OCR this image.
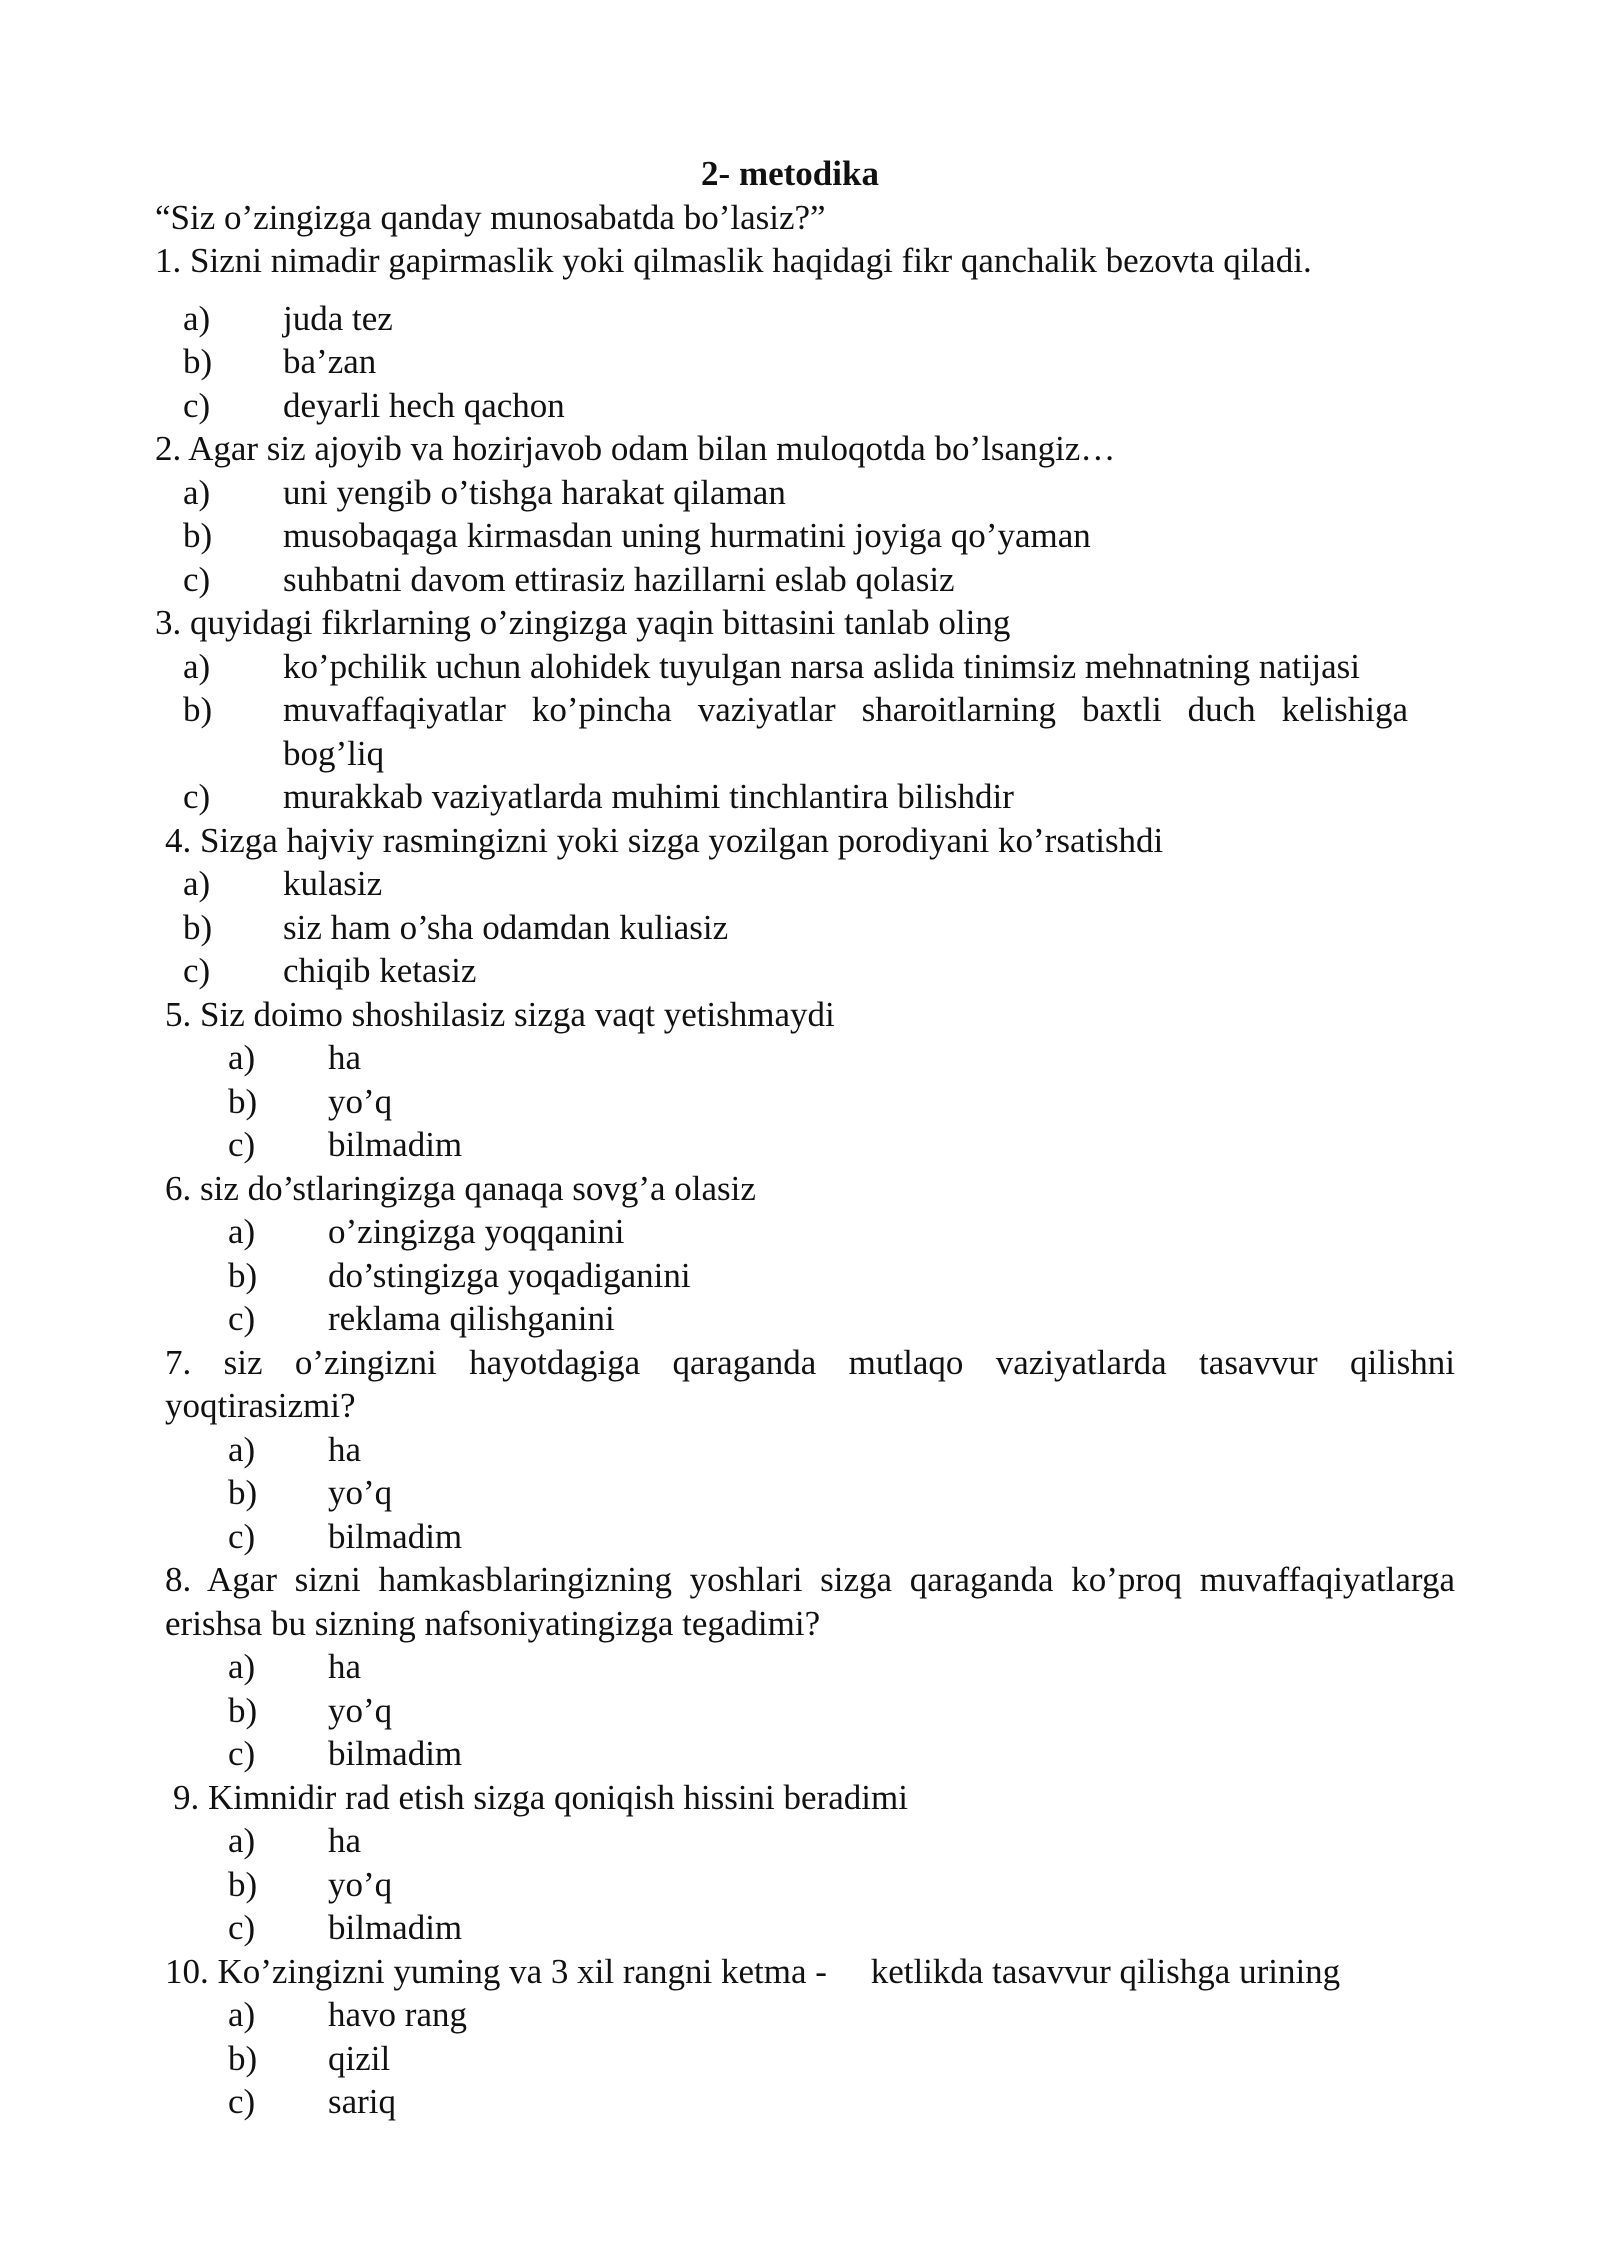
2- metodika
“Siz o’zingizga qanday munosabatda bo’lasiz?”
1. Sizni nimadir gapirmaslik yoki qilmaslik haqidagi fikr qanchalik bezovta qiladi.
a)	juda tez
b)	ba’zan
c)	deyarli hech qachon
2. Agar siz ajoyib va hozirjavob odam bilan muloqotda bo’lsangiz…
a)	uni yengib o’tishga harakat qilaman
b)	musobaqaga kirmasdan uning hurmatini joyiga qo’yaman
c)	suhbatni davom ettirasiz hazillarni eslab qolasiz
3. quyidagi fikrlarning o’zingizga yaqin bittasini tanlab oling
a)	ko’pchilik uchun alohidek tuyulgan narsa aslida tinimsiz mehnatning natijasi
b)	muvaffaqiyatlar ko’pincha vaziyatlar sharoitlarning baxtli duch kelishiga bog’liq
c)	murakkab vaziyatlarda muhimi tinchlantira bilishdir
4. Sizga hajviy rasmingizni yoki sizga yozilgan porodiyani ko’rsatishdi
a)	kulasiz
b)	siz ham o’sha odamdan kuliasiz
c)	chiqib ketasiz
5. Siz doimo shoshilasiz sizga vaqt yetishmaydi
a)	ha
b)	yo’q
c)	bilmadim
6. siz do’stlaringizga qanaqa sovg’a olasiz
a)	o’zingizga yoqqanini
b)	do’stingizga yoqadiganini
c)	reklama qilishganini
7. siz o’zingizni hayotdagiga qaraganda mutlaqo vaziyatlarda tasavvur qilishni yoqtirasizmi?
a)	ha
b)	yo’q
c)	bilmadim
8. Agar sizni hamkasblaringizning yoshlari sizga qaraganda ko’proq muvaffaqiyatlarga erishsa bu sizning nafsoniyatingizga tegadimi?
a)	ha
b)	yo’q
c)	bilmadim
9. Kimnidir rad etish sizga qoniqish hissini beradimi
a)	ha
b)	yo’q
c)	bilmadim
10. Ko’zingizni yuming va 3 xil rangni ketma -     ketlikda tasavvur qilishga urining
a)	havo rang
b)	qizil
c)	sariq
